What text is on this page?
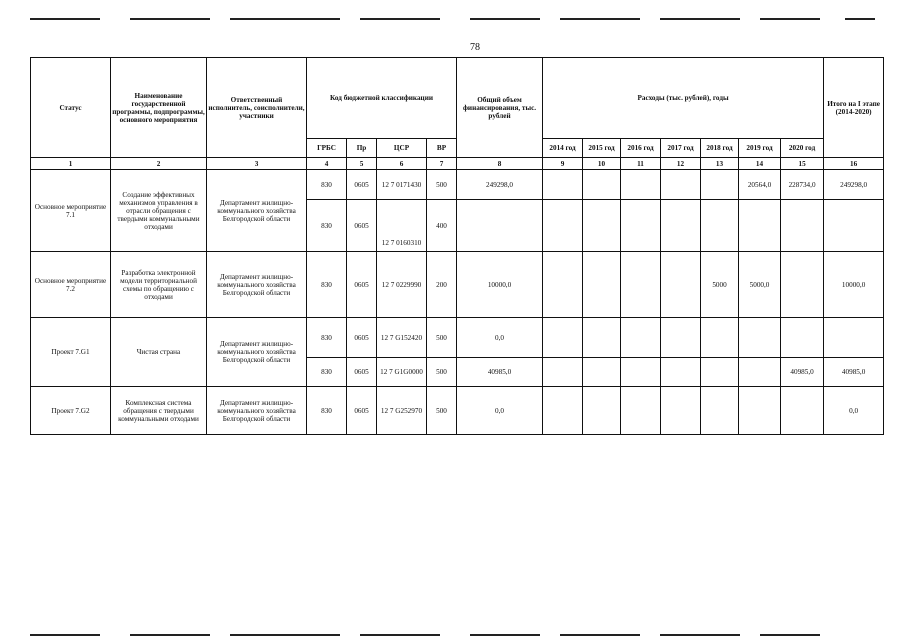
78
Статус	Наименование государственной программы, подпрограммы, основного мероприятия	Ответственный исполнитель, соисполнители, участники	Код бюджетной классификации				Общий объем финансирования, тыс. рублей	Расходы (тыс. рублей), годы							Итого на I этапе (2014-2020)
			ГРБС	Пр	ЦСР	ВР		2014 год	2015 год	2016 год	2017 год	2018 год	2019 год	2020 год	
1	2	3	4	5	6	7	8	9	10	11	12	13	14	15	16
Основное мероприятие 7.1	Создание эффективных механизмов управления в отрасли обращения с твердыми коммунальными отходами	Департамент жилищно-коммунального хозяйства Белгородской области	830	0605	12 7 0171430	500	249298,0						20564,0	228734,0	249298,0
			830	0605	12 7 0160310	400									
Основное мероприятие 7.2	Разработка электронной модели территориальной схемы по обращению с отходами	Департамент жилищно-коммунального хозяйства Белгородской области	830	0605	12 7 0229990	200	10000,0					5000	5000,0		10000,0
Проект 7.G1	Чистая страна	Департамент жилищно-коммунального хозяйства Белгородской области	830	0605	12 7 G152420	500	0,0								
			830	0605	12 7 G1G0000	500	40985,0							40985,0	40985,0
Проект 7.G2	Комплексная система обращения с твердыми коммунальными отходами	Департамент жилищно-коммунального хозяйства Белгородской области	830	0605	12 7 G252970	500	0,0								0,0
